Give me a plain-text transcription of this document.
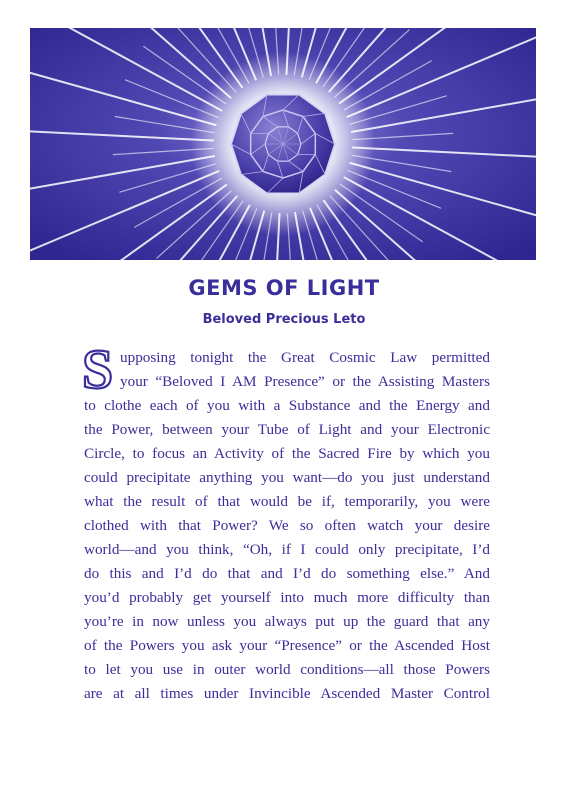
GEMS OF LIGHT
Beloved Precious Leto
S upposing tonight the Great Cosmic Law permitted
your “Beloved I AM Presence” or the Assisting Masters
to clothe each of you with a Substance and the Energy and
the Power, between your Tube of Light and your Electronic
Circle, to focus an Activity of the Sacred Fire by which you
could precipitate anything you want—do you just understand
what the result of that would be if, temporarily, you were
clothed with that Power? We so often watch your desire
world—and you think, “Oh, if I could only precipitate, I’d
do this and I’d do that and I’d do something else.” And
you’d probably get yourself into much more difficulty than
you’re in now unless you always put up the guard that any
of the Powers you ask your “Presence” or the Ascended Host
to let you use in outer world conditions—all those Powers
are at all times under Invincible Ascended Master Control
